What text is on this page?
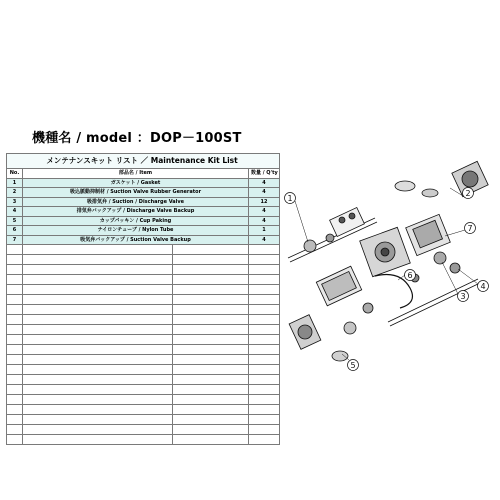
機種名 / model ：DOP－100ST
メンテナンスキット リスト ／ Maintenance Kit List			
No.	部品名 / Item		数量 / Q'ty
1	ガスケット / Gasket		4
2	吸込脈動抑制材 / Suction Valve Rubber Generator		4
3	吸排気弁 / Suction / Discharge Valve		12
4	排気弁バックアップ / Discharge Valve Backup		4
5	カップパッキン / Cup Paking		4
6	ナイロンチューブ / Nylon Tube		1
7	吸気弁バックアップ / Suction Valve Backup		4

1
2
3
4
5
6
7
